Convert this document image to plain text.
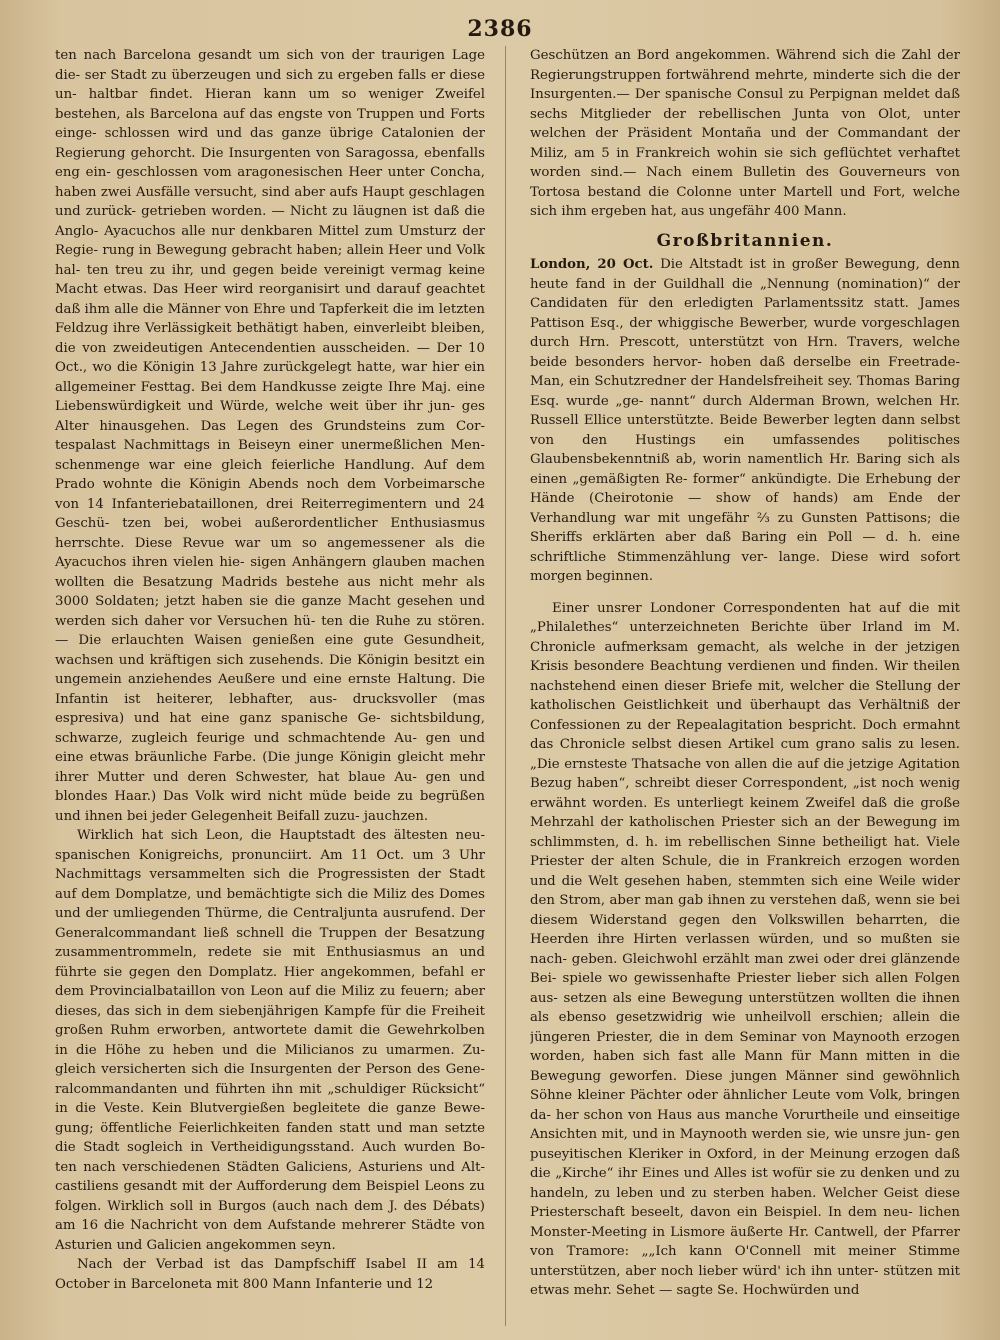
2386

ten nach Barcelona gesandt um sich von der traurigen Lage die- ser Stadt zu überzeugen und sich zu ergeben falls er diese un- haltbar findet. Hieran kann um so weniger Zweifel bestehen, als Barcelona auf das engste von Truppen und Forts einge- schlossen wird und das ganze übrige Catalonien der Regierung gehorcht. Die Insurgenten von Saragossa, ebenfalls eng ein- geschlossen vom aragonesischen Heer unter Concha, haben zwei Ausfälle versucht, sind aber aufs Haupt geschlagen und zurück- getrieben worden. — Nicht zu läugnen ist daß die Anglo- Ayacuchos alle nur denkbaren Mittel zum Umsturz der Regie- rung in Bewegung gebracht haben; allein Heer und Volk hal- ten treu zu ihr, und gegen beide vereinigt vermag keine Macht etwas. Das Heer wird reorganisirt und darauf geachtet daß ihm alle die Männer von Ehre und Tapferkeit die im letzten Feldzug ihre Verlässigkeit bethätigt haben, einverleibt bleiben, die von zweideutigen Antecendentien ausscheiden. — Der 10 Oct., wo die Königin 13 Jahre zurückgelegt hatte, war hier ein allgemeiner Festtag. Bei dem Handkusse zeigte Ihre Maj. eine Liebenswürdigkeit und Würde, welche weit über ihr jun- ges Alter hinausgehen. Das Legen des Grundsteins zum Cor- tespalast Nachmittags in Beiseyn einer unermeßlichen Men- schenmenge war eine gleich feierliche Handlung. Auf dem Prado wohnte die Königin Abends noch dem Vorbeimarsche von 14 Infanteriebataillonen, drei Reiterregimentern und 24 Geschü- tzen bei, wobei außerordentlicher Enthusiasmus herrschte. Diese Revue war um so angemessener als die Ayacuchos ihren vielen hie- sigen Anhängern glauben machen wollten die Besatzung Madrids bestehe aus nicht mehr als 3000 Soldaten; jetzt haben sie die ganze Macht gesehen und werden sich daher vor Versuchen hü- ten die Ruhe zu stören. — Die erlauchten Waisen genießen eine gute Gesundheit, wachsen und kräftigen sich zusehends. Die Königin besitzt ein ungemein anziehendes Aeußere und eine ernste Haltung. Die Infantin ist heiterer, lebhafter, aus- drucksvoller (mas espresiva) und hat eine ganz spanische Ge- sichtsbildung, schwarze, zugleich feurige und schmachtende Au- gen und eine etwas bräunliche Farbe. (Die junge Königin gleicht mehr ihrer Mutter und deren Schwester, hat blaue Au- gen und blondes Haar.) Das Volk wird nicht müde beide zu begrüßen und ihnen bei jeder Gelegenheit Beifall zuzu- jauchzen.

Wirklich hat sich Leon, die Hauptstadt des ältesten neu- spanischen Konigreichs, pronunciirt. Am 11 Oct. um 3 Uhr Nachmittags versammelten sich die Progressisten der Stadt auf dem Domplatze, und bemächtigte sich die Miliz des Domes und der umliegenden Thürme, die Centraljunta ausrufend. Der Generalcommandant ließ schnell die Truppen der Besatzung zusammentrommeln, redete sie mit Enthusiasmus an und führte sie gegen den Domplatz. Hier angekommen, befahl er dem Provincialbataillon von Leon auf die Miliz zu feuern; aber dieses, das sich in dem siebenjährigen Kampfe für die Freiheit großen Ruhm erworben, antwortete damit die Gewehrkolben in die Höhe zu heben und die Milicianos zu umarmen. Zu- gleich versicherten sich die Insurgenten der Person des Gene- ralcommandanten und führten ihn mit „schuldiger Rücksicht“ in die Veste. Kein Blutvergießen begleitete die ganze Bewe- gung; öffentliche Feierlichkeiten fanden statt und man setzte die Stadt sogleich in Vertheidigungsstand. Auch wurden Bo- ten nach verschiedenen Städten Galiciens, Asturiens und Alt- castiliens gesandt mit der Aufforderung dem Beispiel Leons zu folgen. Wirklich soll in Burgos (auch nach dem J. des Débats) am 16 die Nachricht von dem Aufstande mehrerer Städte von Asturien und Galicien angekommen seyn.

Nach der Verbad ist das Dampfschiff Isabel II am 14 October in Barceloneta mit 800 Mann Infanterie und 12

Geschützen an Bord angekommen. Während sich die Zahl der Regierungstruppen fortwährend mehrte, minderte sich die der Insurgenten.— Der spanische Consul zu Perpignan meldet daß sechs Mitglieder der rebellischen Junta von Olot, unter welchen der Präsident Montaña und der Commandant der Miliz, am 5 in Frankreich wohin sie sich geflüchtet verhaftet worden sind.— Nach einem Bulletin des Gouverneurs von Tortosa bestand die Colonne unter Martell und Fort, welche sich ihm ergeben hat, aus ungefähr 400 Mann.

Großbritannien.

London, 20 Oct. Die Altstadt ist in großer Bewegung, denn heute fand in der Guildhall die „Nennung (nomination)“ der Candidaten für den erledigten Parlamentssitz statt. James Pattison Esq., der whiggische Bewerber, wurde vorgeschlagen durch Hrn. Prescott, unterstützt von Hrn. Travers, welche beide besonders hervor- hoben daß derselbe ein Freetrade-Man, ein Schutzredner der Handelsfreiheit sey. Thomas Baring Esq. wurde „ge- nannt“ durch Alderman Brown, welchen Hr. Russell Ellice unterstützte. Beide Bewerber legten dann selbst von den Hustings ein umfassendes politisches Glaubensbekenntniß ab, worin namentlich Hr. Baring sich als einen „gemäßigten Re- former“ ankündigte. Die Erhebung der Hände (Cheirotonie — show of hands) am Ende der Verhandlung war mit ungefähr ⅔ zu Gunsten Pattisons; die Sheriffs erklärten aber daß Baring ein Poll — d. h. eine schriftliche Stimmenzählung ver- lange. Diese wird sofort morgen beginnen.

Einer unsrer Londoner Correspondenten hat auf die mit „Philalethes“ unterzeichneten Berichte über Irland im M. Chronicle aufmerksam gemacht, als welche in der jetzigen Krisis besondere Beachtung verdienen und finden. Wir theilen nachstehend einen dieser Briefe mit, welcher die Stellung der katholischen Geistlichkeit und überhaupt das Verhältniß der Confessionen zu der Repealagitation bespricht. Doch ermahnt das Chronicle selbst diesen Artikel cum grano salis zu lesen. „Die ernsteste Thatsache von allen die auf die jetzige Agitation Bezug haben“, schreibt dieser Correspondent, „ist noch wenig erwähnt worden. Es unterliegt keinem Zweifel daß die große Mehrzahl der katholischen Priester sich an der Bewegung im schlimmsten, d. h. im rebellischen Sinne betheiligt hat. Viele Priester der alten Schule, die in Frankreich erzogen worden und die Welt gesehen haben, stemmten sich eine Weile wider den Strom, aber man gab ihnen zu verstehen daß, wenn sie bei diesem Widerstand gegen den Volkswillen beharrten, die Heerden ihre Hirten verlassen würden, und so mußten sie nach- geben. Gleichwohl erzählt man zwei oder drei glänzende Bei- spiele wo gewissenhafte Priester lieber sich allen Folgen aus- setzen als eine Bewegung unterstützen wollten die ihnen als ebenso gesetzwidrig wie unheilvoll erschien; allein die jüngeren Priester, die in dem Seminar von Maynooth erzogen worden, haben sich fast alle Mann für Mann mitten in die Bewegung geworfen. Diese jungen Männer sind gewöhnlich Söhne kleiner Pächter oder ähnlicher Leute vom Volk, bringen da- her schon von Haus aus manche Vorurtheile und einseitige Ansichten mit, und in Maynooth werden sie, wie unsre jun- gen puseyitischen Kleriker in Oxford, in der Meinung erzogen daß die „Kirche“ ihr Eines und Alles ist wofür sie zu denken und zu handeln, zu leben und zu sterben haben. Welcher Geist diese Priesterschaft beseelt, davon ein Beispiel. In dem neu- lichen Monster-Meeting in Lismore äußerte Hr. Cantwell, der Pfarrer von Tramore: „„Ich kann O'Connell mit meiner Stimme unterstützen, aber noch lieber würd' ich ihn unter- stützen mit etwas mehr. Sehet — sagte Se. Hochwürden und
